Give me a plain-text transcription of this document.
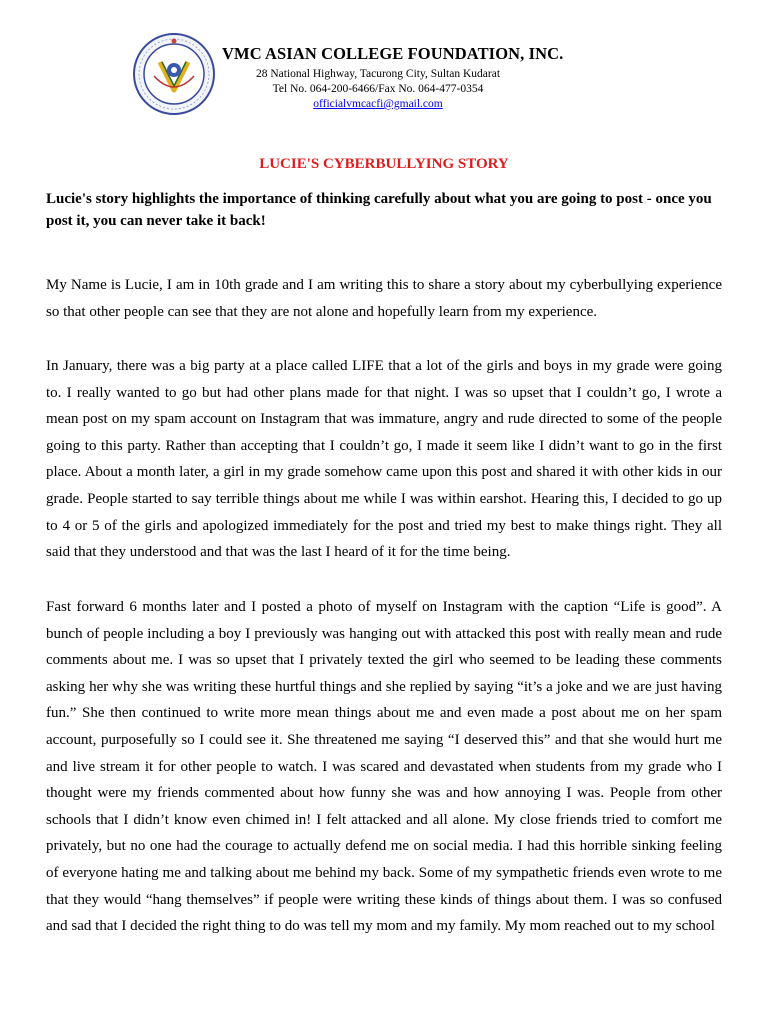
VMC ASIAN COLLEGE FOUNDATION, INC.
28 National Highway, Tacurong City, Sultan Kudarat
Tel No. 064-200-6466/Fax No. 064-477-0354
officialvmcacfi@gmail.com
LUCIE'S CYBERBULLYING STORY
Lucie's story highlights the importance of thinking carefully about what you are going to post - once you post it, you can never take it back!

My Name is Lucie, I am in 10th grade and I am writing this to share a story about my cyberbullying experience so that other people can see that they are not alone and hopefully learn from my experience.

In January, there was a big party at a place called LIFE that a lot of the girls and boys in my grade were going to. I really wanted to go but had other plans made for that night. I was so upset that I couldn’t go, I wrote a mean post on my spam account on Instagram that was immature, angry and rude directed to some of the people going to this party. Rather than accepting that I couldn’t go, I made it seem like I didn’t want to go in the first place. About a month later, a girl in my grade somehow came upon this post and shared it with other kids in our grade. People started to say terrible things about me while I was within earshot. Hearing this, I decided to go up to 4 or 5 of the girls and apologized immediately for the post and tried my best to make things right. They all said that they understood and that was the last I heard of it for the time being.

Fast forward 6 months later and I posted a photo of myself on Instagram with the caption “Life is good”. A bunch of people including a boy I previously was hanging out with attacked this post with really mean and rude comments about me. I was so upset that I privately texted the girl who seemed to be leading these comments asking her why she was writing these hurtful things and she replied by saying “it’s a joke and we are just having fun.” She then continued to write more mean things about me and even made a post about me on her spam account, purposefully so I could see it. She threatened me saying “I deserved this” and that she would hurt me and live stream it for other people to watch. I was scared and devastated when students from my grade who I thought were my friends commented about how funny she was and how annoying I was. People from other schools that I didn’t know even chimed in! I felt attacked and all alone. My close friends tried to comfort me privately, but no one had the courage to actually defend me on social media. I had this horrible sinking feeling of everyone hating me and talking about me behind my back. Some of my sympathetic friends even wrote to me that they would “hang themselves” if people were writing these kinds of things about them. I was so confused and sad that I decided the right thing to do was tell my mom and my family. My mom reached out to my school
